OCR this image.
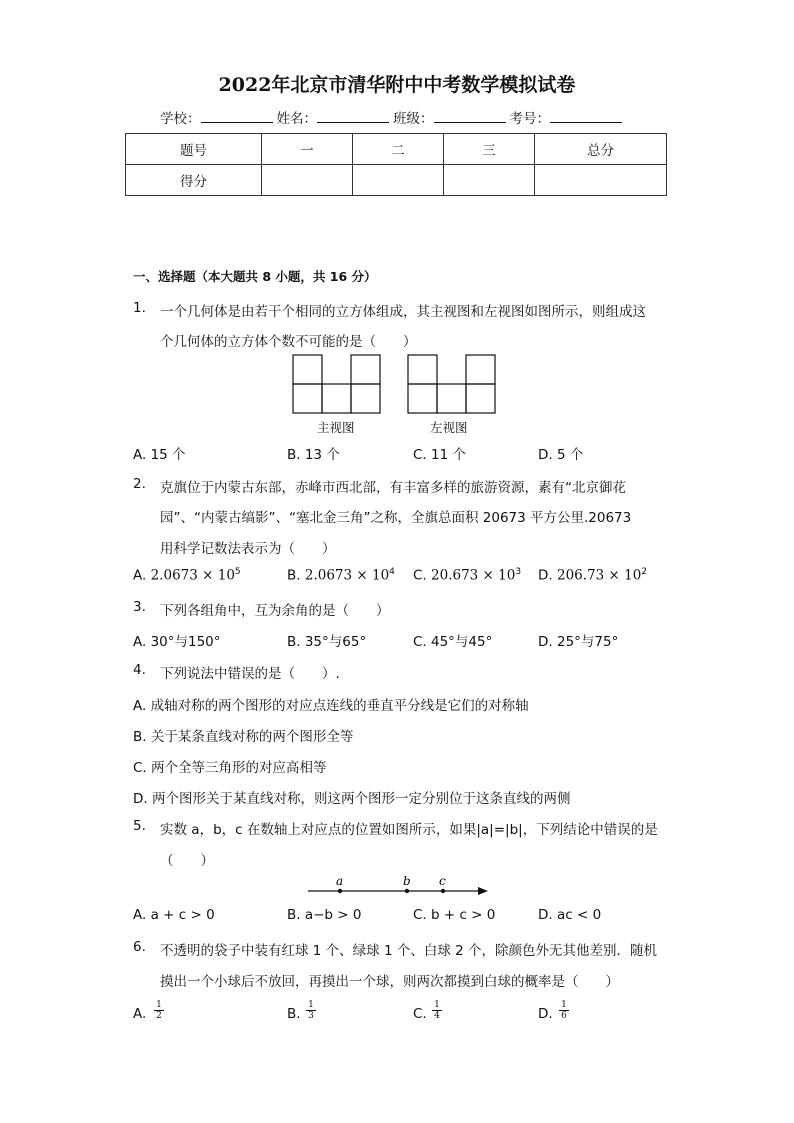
2022年北京市清华附中中考数学模拟试卷
学校：	姓名：	班级：	考号：
题号	一	二	三	总分
得分				
一、选择题（本大题共 8 小题，共 16 分）
1. 一个几何体是由若干个相同的立方体组成，其主视图和左视图如图所示，则组成这
个几何体的立方体个数不可能的是（　　）
主视图	左视图
A. 15 个	B. 13 个	C. 11 个	D. 5 个
2. 克旗位于内蒙古东部，赤峰市西北部，有丰富多样的旅游资源，素有“北京御花
园”、“内蒙古缟影”、“塞北金三角”之称，全旗总面积 20673 平方公里.20673
用科学记数法表示为（　　）
A. $2.0673 \times 10^5$	B. $2.0673 \times 10^4$ C. $20.673 \times 10^3$ D. $206.73 \times 10^2$
3. 下列各组角中，互为余角的是（　　）
A. 30°与150°	B. 35°与65°	C. 45°与45°	D. 25°与75°
4. 下列说法中错误的是（　　）.
A. 成轴对称的两个图形的对应点连线的垂直平分线是它们的对称轴
B. 关于某条直线对称的两个图形全等
C. 两个全等三角形的对应高相等
D. 两个图形关于某直线对称，则这两个图形一定分别位于这条直线的两侧
5. 实数 a，b，c 在数轴上对应点的位置如图所示，如果|a|=|b|，下列结论中错误的是
（　　）
a	b c
A. a + c > 0	B. a−b > 0	C. b + c > 0	D. ac < 0
6. 不透明的袋子中装有红球 1 个、绿球 1 个、白球 2 个，除颜色外无其他差别．随机
摸出一个小球后不放回，再摸出一个球，则两次都摸到白球的概率是（　　）
A. $\frac{1}{2}$	B. $\frac{1}{3}$	C. $\frac{1}{4}$	D. $\frac{1}{6}$
